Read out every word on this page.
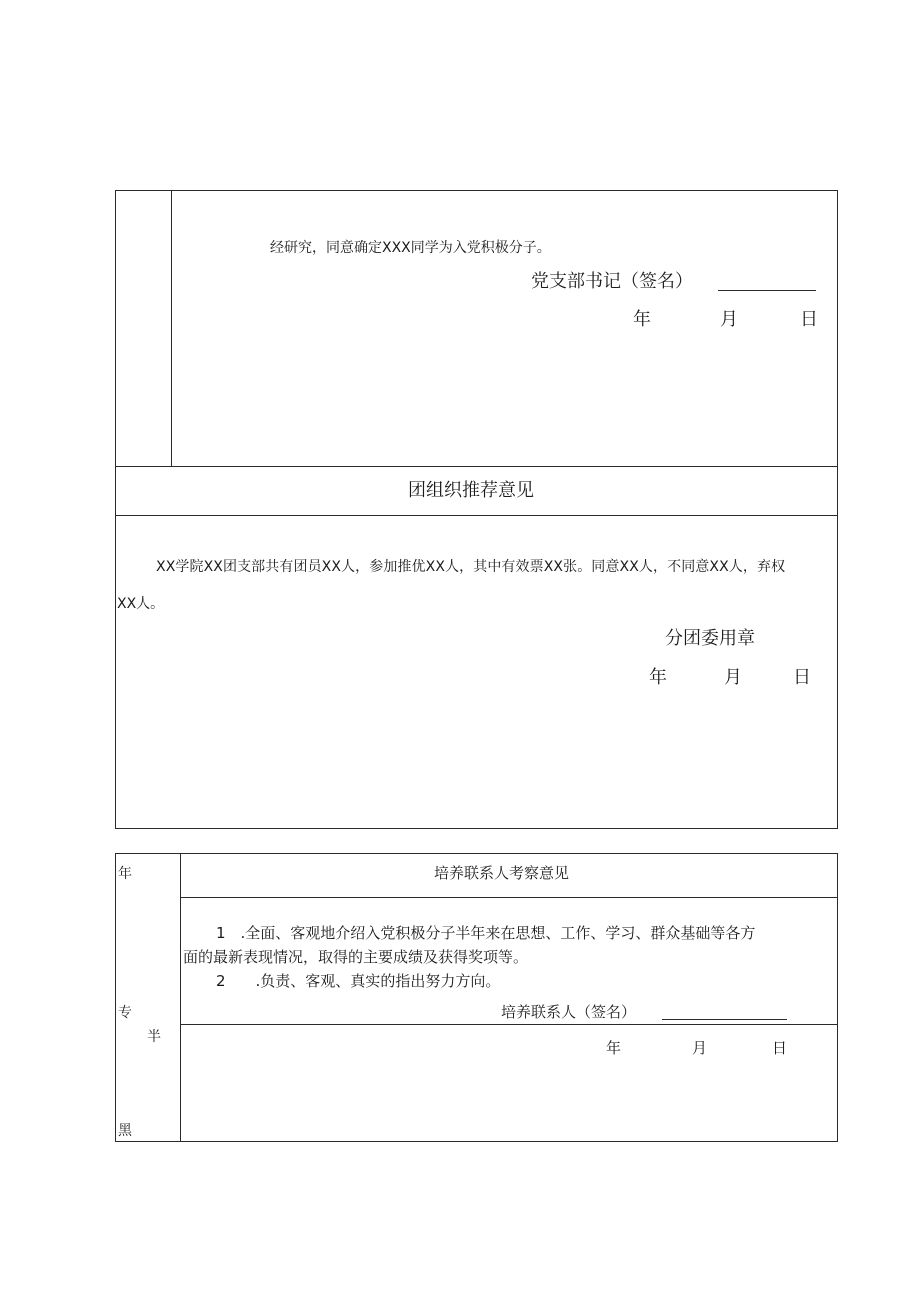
经研究，同意确定XXX同学为入党积极分子。
党支部书记（签名）
年	月	日
团组织推荐意见
XX学院XX团支部共有团员XX人，参加推优XX人，其中有效票XX张。同意XX人，不同意XX人，弃权
XX人。
分团委用章
年	月	日
年
专
半
黑
培养联系人考察意见
1　.全面、客观地介绍入党积极分子半年来在思想、工作、学习、群众基础等各方
面的最新表现情况，取得的主要成绩及获得奖项等。
2　　.负责、客观、真实的指出努力方向。
培养联系人（签名）
年	月	日
